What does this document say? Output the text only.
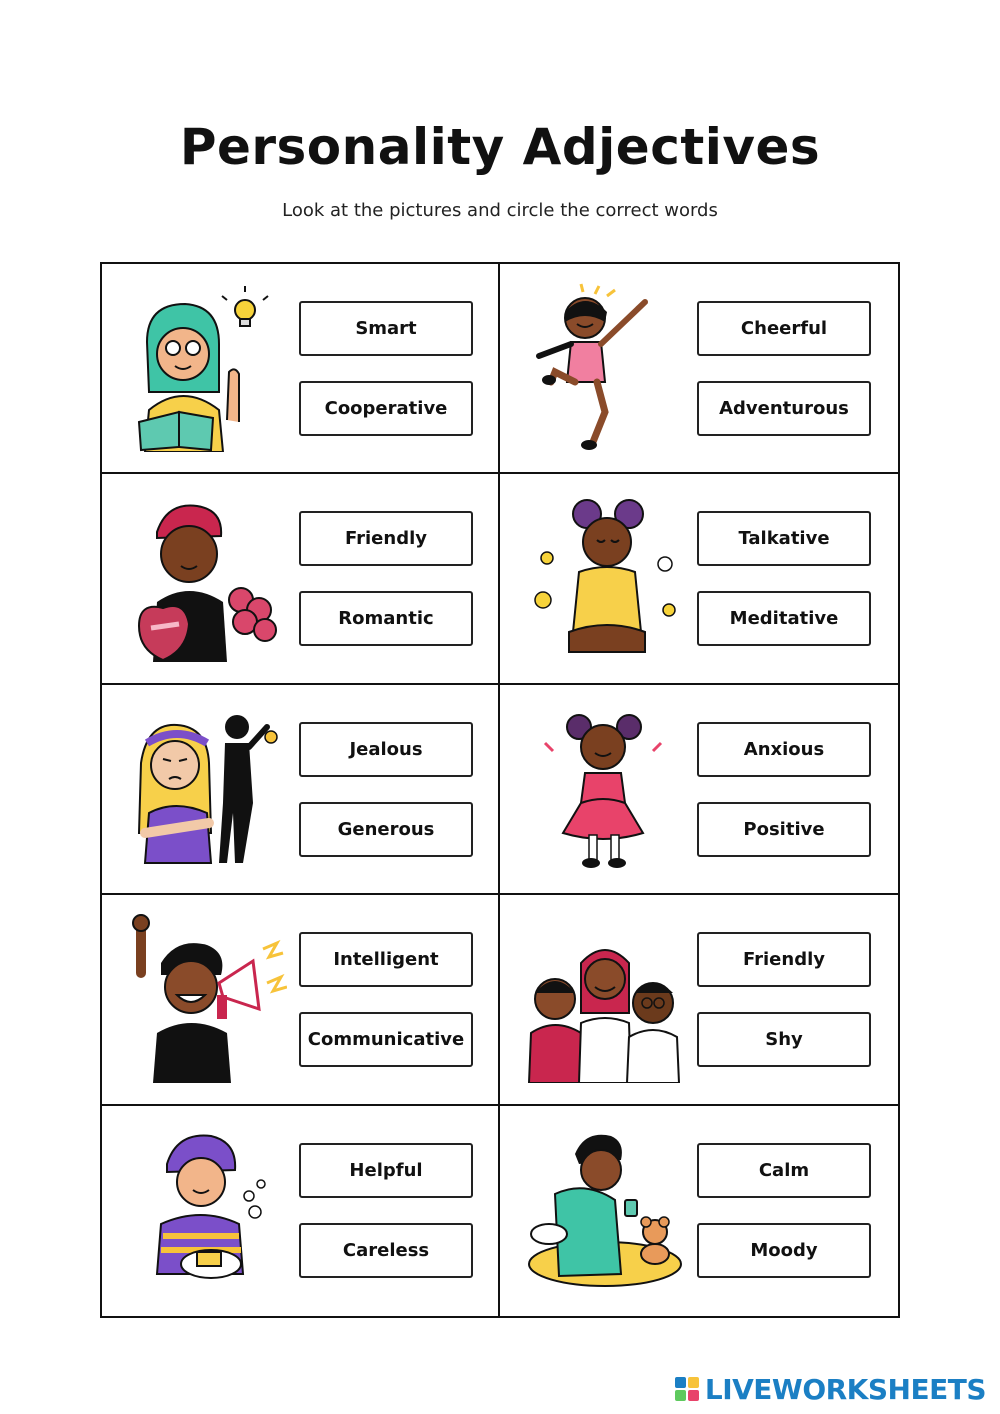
Personality Adjectives
Look at the pictures and circle the correct words
Smart
Cooperative
Cheerful
Adventurous
Friendly
Romantic
Talkative
Meditative
Jealous
Generous
Anxious
Positive
Intelligent
Communicative
Friendly
Shy
Helpful
Careless
Calm
Moody
LIVEWORKSHEETS
